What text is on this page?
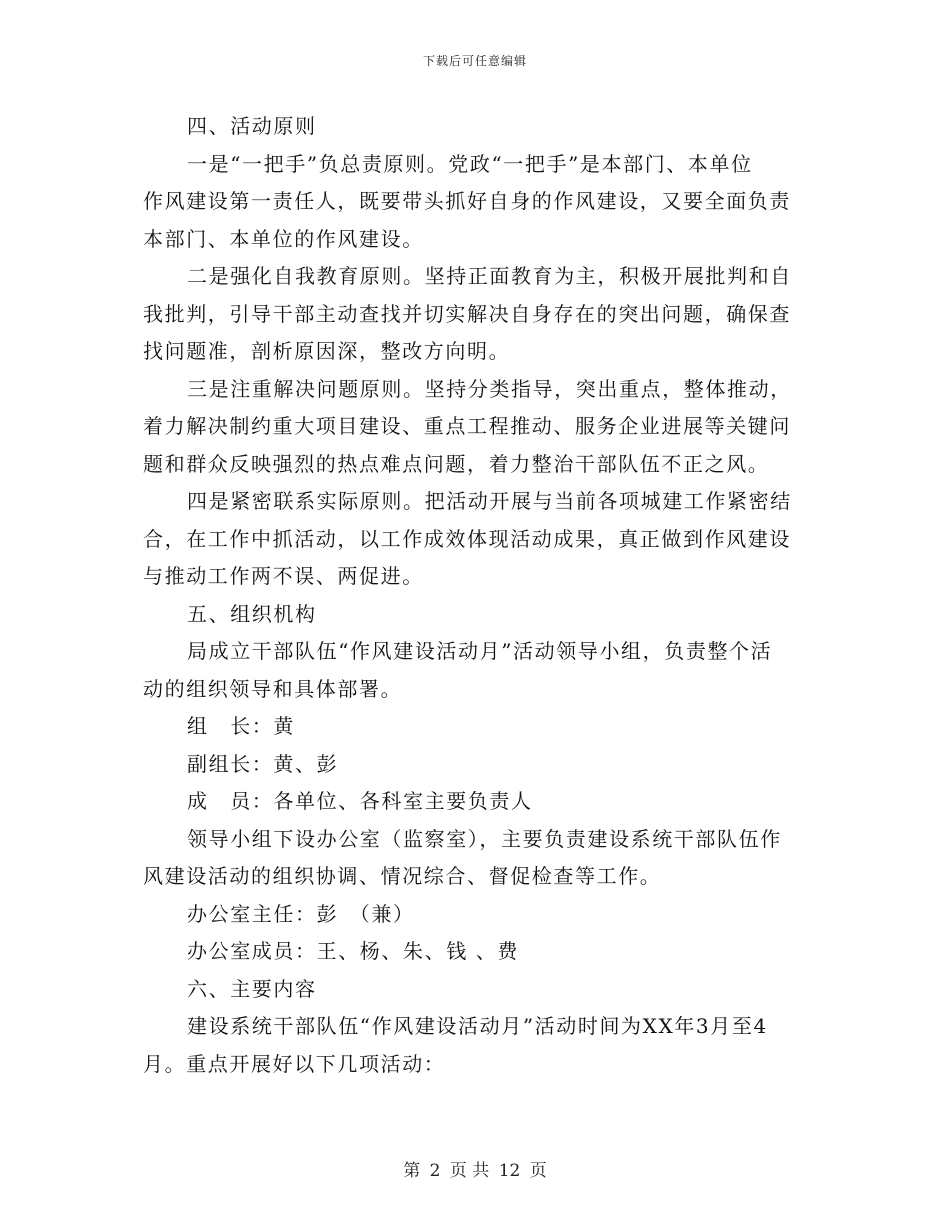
下载后可任意编辑
四、活动原则
一是“一把手”负总责原则。党政“一把手”是本部门、本单位
作风建设第一责任人，既要带头抓好自身的作风建设，又要全面负责
本部门、本单位的作风建设。
二是强化自我教育原则。坚持正面教育为主，积极开展批判和自
我批判，引导干部主动查找并切实解决自身存在的突出问题，确保查
找问题准，剖析原因深，整改方向明。
三是注重解决问题原则。坚持分类指导，突出重点，整体推动，
着力解决制约重大项目建设、重点工程推动、服务企业进展等关键问
题和群众反映强烈的热点难点问题，着力整治干部队伍不正之风。
四是紧密联系实际原则。把活动开展与当前各项城建工作紧密结
合，在工作中抓活动，以工作成效体现活动成果，真正做到作风建设
与推动工作两不误、两促进。
五、组织机构
局成立干部队伍“作风建设活动月”活动领导小组，负责整个活
动的组织领导和具体部署。
组　长：黄
副组长：黄、彭
成　员：各单位、各科室主要负责人
领导小组下设办公室（监察室），主要负责建设系统干部队伍作
风建设活动的组织协调、情况综合、督促检查等工作。
办公室主任：彭　（兼）
办公室成员：王、杨、朱、钱 、费
六、主要内容
建设系统干部队伍“作风建设活动月”活动时间为XX年3月至4
月。重点开展好以下几项活动：
第 2 页 共 12 页
